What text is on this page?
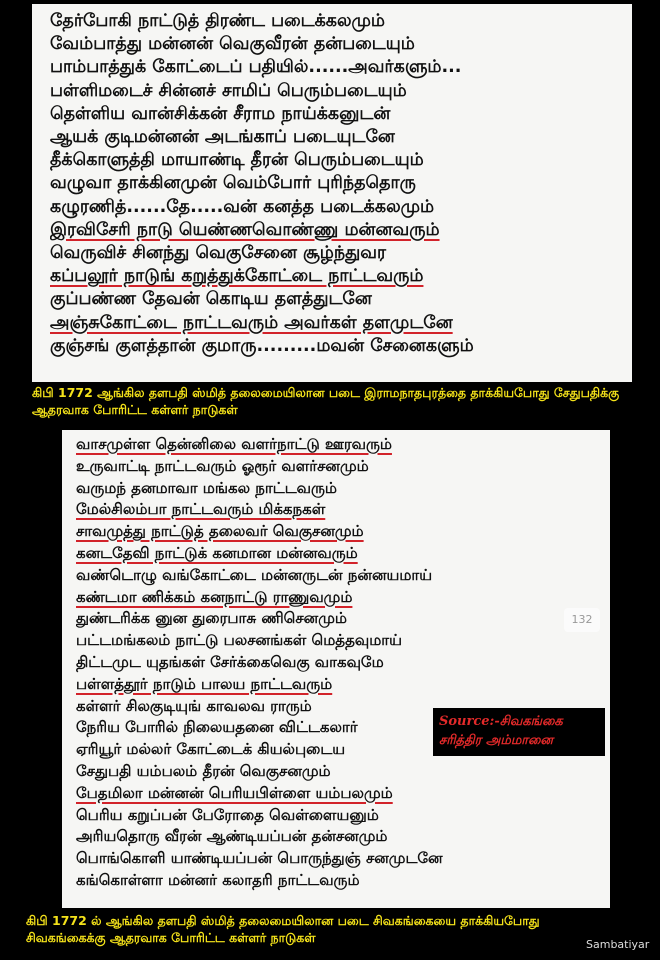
தேர்போகி நாட்டுத் திரண்ட படைக்கலமும்
வேம்பாத்து மன்னன் வெகுவீரன் தன்படையும்
பாம்பாத்துக் கோட்டைப் பதியில்......அவர்களும்...
பள்ளிமடைச் சின்னச் சாமிப் பெரும்படையும்
தெள்ளிய வான்சிக்கன் சீராம நாய்க்கனுடன்
ஆயக் குடிமன்னன் அடங்காப் படையுடனே
தீக்கொளுத்தி மாயாண்டி தீரன் பெரும்படையும்
வழுவா தாக்கினமுன் வெம்போர் புரிந்ததொரு
கழுரணித்......தே.....வன் கனத்த படைக்கலமும்
இரவிசேரி நாடு யெண்ணவொண்ணு மன்னவரும்
வெருவிச் சினந்து வெகுசேனை சூழ்ந்துவர
கப்பலூர் நாடுங் கறுத்துக்கோட்டை நாட்டவரும்
குப்பண்ண தேவன் கொடிய தளத்துடனே
அஞ்சுகோட்டை நாட்டவரும் அவர்கள் தளமுடனே
குஞ்சங் குளத்தான் குமாரு.........மவன் சேனைகளும்
கிபி 1772 ஆங்கில தளபதி ஸ்மித் தலைமையிலான படை இராமநாதபுரத்தை தாக்கியபோது சேதுபதிக்கு ஆதரவாக போரிட்ட கள்ளர் நாடுகள்
வாசமுள்ள தென்னிலை வளர்நாட்டு ஊரவரும்
உருவாட்டி நாட்டவரும் ஓரூர் வளர்சனமும்
வருமந் தனமாவா மங்கல நாட்டவரும்
மேல்சிலம்பா நாட்டவரும் மிக்கநகள்
சாவமுத்து நாட்டுத் தலைவர் வெகுசனமும்
கனடதேவி நாட்டுக் கனமான மன்னவரும்
வண்டொழு வங்கோட்டை மன்னருடன் நன்னயமாய்
கண்டமா ணிக்கம் கனநாட்டு ராணுவமும்
துண்டரிக்க னுன துரைபாசு ணிசெனமும்
பட்டமங்கலம் நாட்டு பலசனங்கள் மெத்தவுமாய்
திட்டமுட யுதங்கள் சேர்க்கைவெகு வாகவுமே
பள்ளத்தூர் நாடும் பாலய நாட்டவரும்
கள்ளர் சிலகுடியுங் காவலவ ராரும்
நேரிய போரில் நிலையதனை விட்டகலார்
ஏரியூர் மல்லர் கோட்டைக் கியல்புடைய
சேதுபதி யம்பலம் தீரன் வெகுசனமும்
பேதமிலா மன்னன் பெரியபிள்ளை யம்பலமும்
பெரிய கறுப்பன் பேரோதை வெள்ளையனும்
அரியதொரு வீரன் ஆண்டியப்பன் தன்சனமும்
பொங்கொளி யாண்டியப்பன் பொருந்துஞ் சனமுடனே
கங்கொள்ளா மன்னர் கலாதரி நாட்டவரும்
132
Source:-சிவகங்கை சரித்திர அம்மானை
கிபி 1772 ல் ஆங்கில தளபதி ஸ்மித் தலைமையிலான படை சிவகங்கையை தாக்கியபோது சிவகங்கைக்கு ஆதரவாக போரிட்ட கள்ளர் நாடுகள்	Sambatiyar
